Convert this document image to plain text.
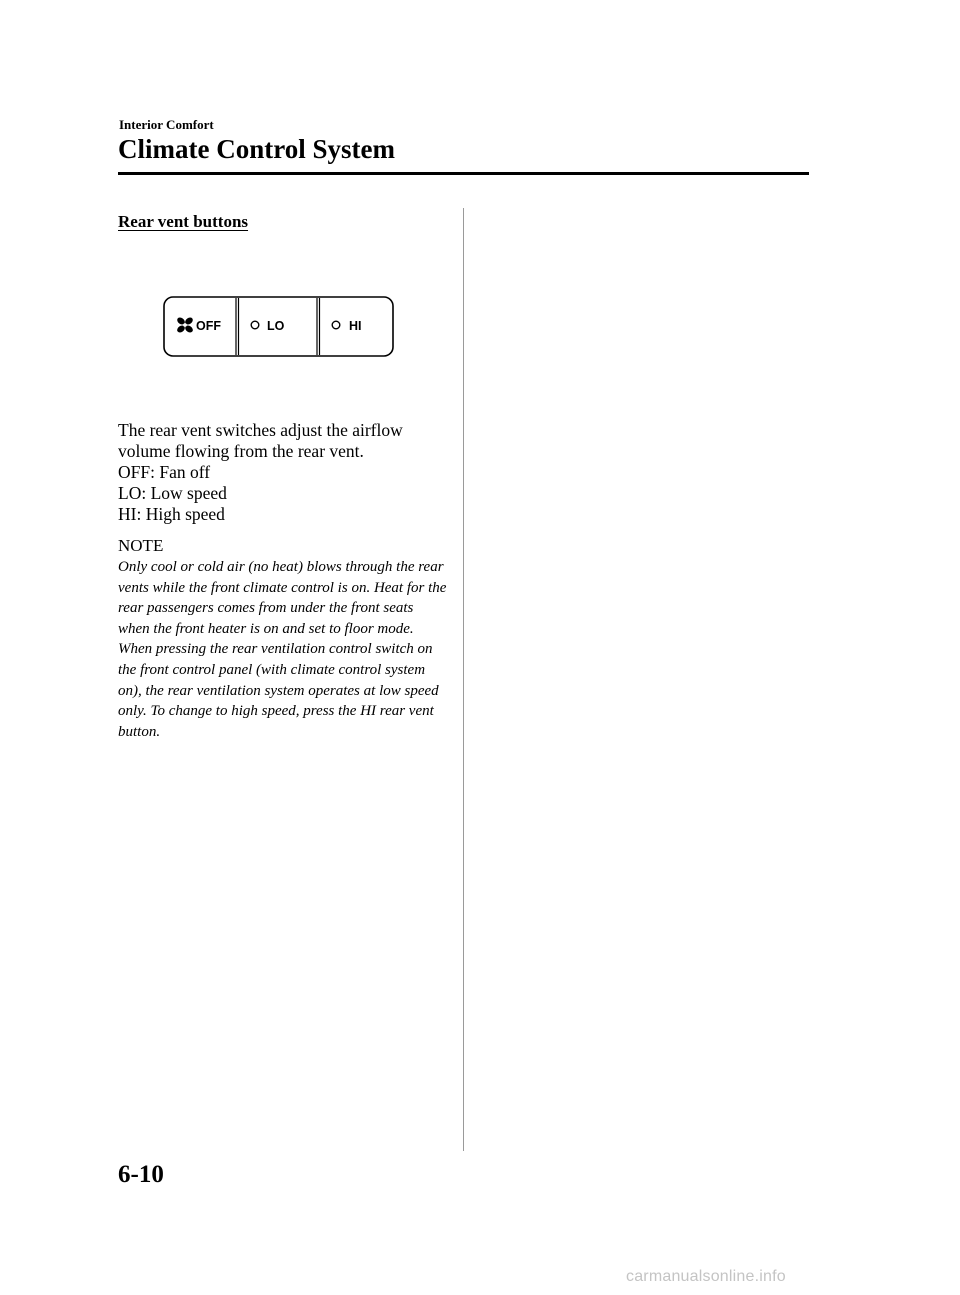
Interior Comfort
Climate Control System
Rear vent buttons
OFF	LO	HI

The rear vent switches adjust the airflow volume flowing from the rear vent.

OFF: Fan off

LO: Low speed

HI: High speed

NOTE

Only cool or cold air (no heat) blows through the rear vents while the front climate control is on. Heat for the rear passengers comes from under the front seats when the front heater is on and set to floor mode.

When pressing the rear ventilation control switch on the front control panel (with climate control system on), the rear ventilation system operates at low speed only. To change to high speed, press the HI rear vent button.

6-10
carmanualsonline.info
